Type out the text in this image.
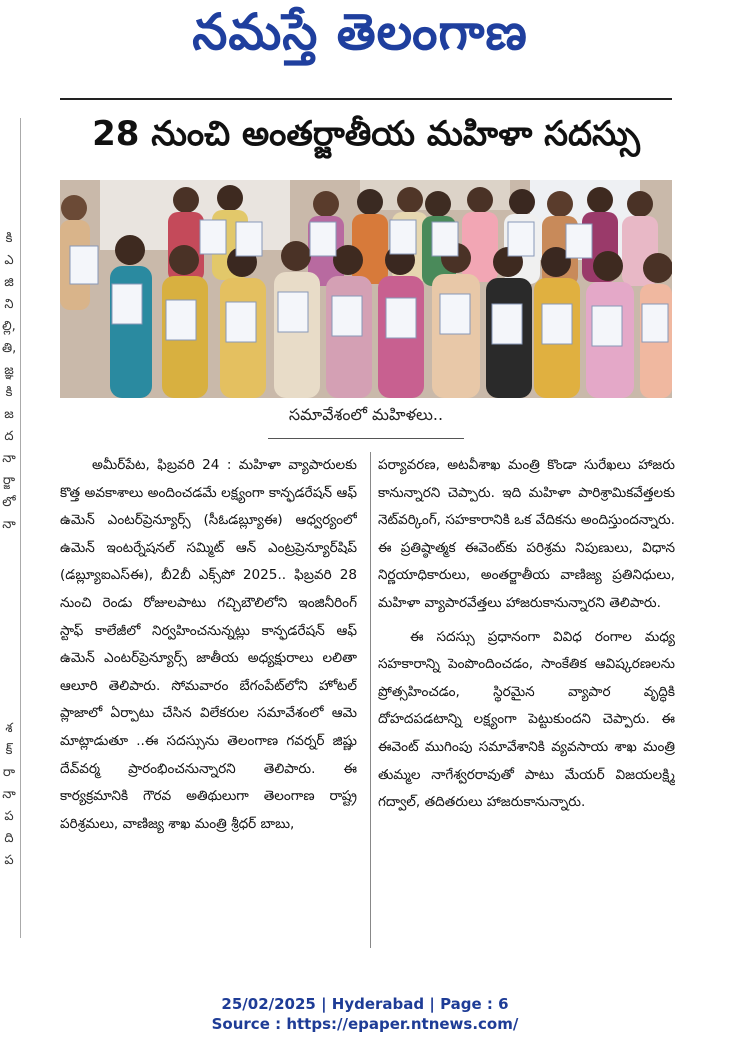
నమస్తే తెలంగాణ
కి ఎ జి ని ల్లి, తి, జ్ఞ కి జ ద నా ర్జా లో నా
శ క్ రా నా ప ది ప
28 నుంచి అంతర్జాతీయ మహిళా సదస్సు
సమావేశంలో మహిళలు..

అమీర్‌పేట, ఫిబ్రవరి 24 : మహిళా వ్యాపారులకు కొత్త అవకాశాలు అందించడమే లక్ష్యంగా కాన్ఫడరేషన్ ఆఫ్ ఉమెన్ ఎంటర్‌ప్రెన్యూర్స్ (సీఓడబ్ల్యూఈ) ఆధ్వర్యంలో ఉమెన్ ఇంటర్నేషనల్ సమ్మిట్ ఆన్ ఎంట్రప్రెన్యూర్‌షిప్ (డబ్ల్యూఐఎస్ఈ), బీ2బీ ఎక్స్‌పో 2025.. ఫిబ్రవరి 28 నుంచి రెండు రోజులపాటు గచ్చిబౌలిలోని ఇంజినీరింగ్ స్టాఫ్ కాలేజీలో నిర్వహించనున్నట్లు కాన్ఫడరేషన్ ఆఫ్ ఉమెన్ ఎంటర్‌ప్రెన్యూర్స్ జాతీయ అధ్యక్షురాలు లలితా ఆలూరి తెలిపారు. సోమవారం బేగంపేట్‌లోని హోటల్ ప్లాజాలో ఏర్పాటు చేసిన విలేకరుల సమావేశంలో ఆమె మాట్లాడుతూ ..ఈ సదస్సును తెలంగాణ గవర్నర్ జిష్ణు దేవ్‌వర్మ ప్రారంభించనున్నారని తెలిపారు. ఈ కార్యక్రమానికి గౌరవ అతిథులుగా తెలంగాణ రాష్ట్ర పరిశ్రమలు, వాణిజ్య శాఖ మంత్రి శ్రీధర్ బాబు,

పర్యావరణ, అటవీశాఖ మంత్రి కొండా సురేఖలు హాజరు కానున్నారని చెప్పారు. ఇది మహిళా పారిశ్రామికవేత్తలకు నెట్‌వర్కింగ్, సహకారానికి ఒక వేదికను అందిస్తుందన్నారు. ఈ ప్రతిష్ఠాత్మక ఈవెంట్‌కు పరిశ్రమ నిపుణులు, విధాన నిర్ణయాధికారులు, అంతర్జాతీయ వాణిజ్య ప్రతినిధులు, మహిళా వ్యాపారవేత్తలు హాజరుకానున్నారని తెలిపారు.

ఈ సదస్సు ప్రధానంగా వివిధ రంగాల మధ్య సహకారాన్ని పెంపొందించడం, సాంకేతిక ఆవిష్కరణలను ప్రోత్సహించడం, స్థిరమైన వ్యాపార వృద్ధికి దోహదపడటాన్ని లక్ష్యంగా పెట్టుకుందని చెప్పారు. ఈ ఈవెంట్ ముగింపు సమావేశానికి వ్యవసాయ శాఖ మంత్రి తుమ్మల నాగేశ్వరరావుతో పాటు మేయర్ విజయలక్ష్మి గద్వాల్, తదితరులు హాజరుకానున్నారు.

25/02/2025 | Hyderabad | Page : 6
Source : https://epaper.ntnews.com/
